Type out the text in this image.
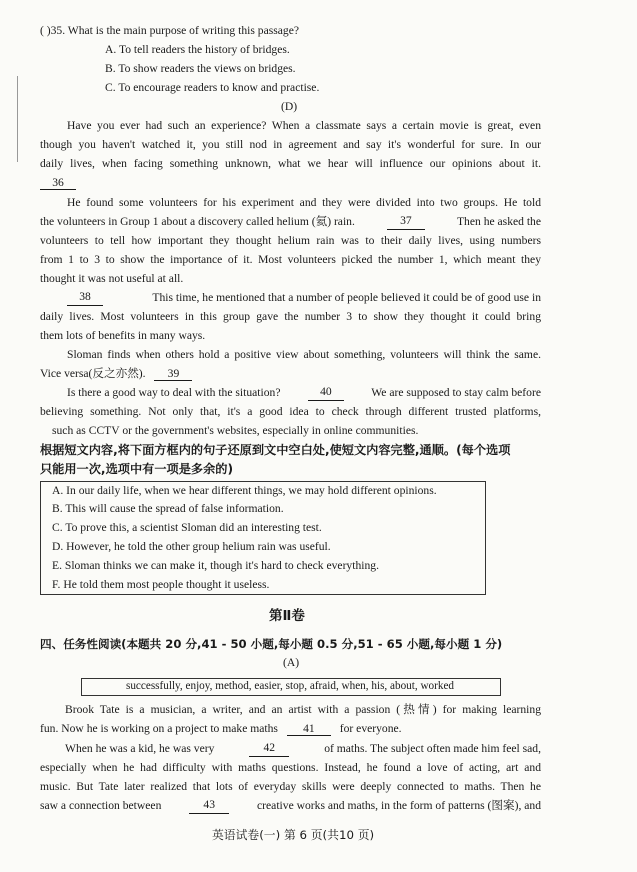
( )35. What is the main purpose of writing this passage?
A. To tell readers the history of bridges.
B. To show readers the views on bridges.
C. To encourage readers to know and practise.
(D)
Have you ever had such an experience? When a classmate says a certain movie is great, even
though you haven't watched it, you still nod in agreement and say it's wonderful for sure. In our
daily lives, when facing something unknown, what we hear will influence our opinions about it.
36
He found some volunteers for his experiment and they were divided into two groups. He told
the volunteers in Group 1 about a discovery called helium (氦) rain.	37	Then he asked the
volunteers to tell how important they thought helium rain was to their daily lives, using numbers
from 1 to 3 to show the importance of it. Most volunteers picked the number 1, which meant they
thought it was not useful at all.
38	This time, he mentioned that a number of people believed it could be of good use in
daily lives. Most volunteers in this group gave the number 3 to show they thought it could bring
them lots of benefits in many ways.
Sloman finds when others hold a positive view about something, volunteers will think the same.
Vice versa(反之亦然). 39
Is there a good way to deal with the situation?	40	We are supposed to stay calm before
believing something. Not only that, it's a good idea to check through different trusted platforms,
such as CCTV or the government's websites, especially in online communities.
根据短文内容,将下面方框内的句子还原到文中空白处,使短文内容完整,通顺。(每个选项
只能用一次,选项中有一项是多余的)
A. In our daily life, when we hear different things, we may hold different opinions.
B. This will cause the spread of false information.
C. To prove this, a scientist Sloman did an interesting test.
D. However, he told the other group helium rain was useful.
E. Sloman thinks we can make it, though it's hard to check everything.
F. He told them most people thought it useless.
第Ⅱ卷
四、任务性阅读(本题共 20 分,41 - 50 小题,每小题 0.5 分,51 - 65 小题,每小题 1 分)
(A)
successfully, enjoy, method, easier, stop, afraid, when, his, about, worked
Brook Tate is a musician, a writer, and an artist with a passion (热情) for making learning
fun. Now he is working on a project to make maths 41 for everyone.
When he was a kid, he was very	42	of maths. The subject often made him feel sad,
especially when he had difficulty with maths questions. Instead, he found a love of acting, art and
music. But Tate later realized that lots of everyday skills were deeply connected to maths. Then he
saw a connection between	43	creative works and maths, in the form of patterns (图案), and
英语试卷(一) 第 6 页(共10 页)
